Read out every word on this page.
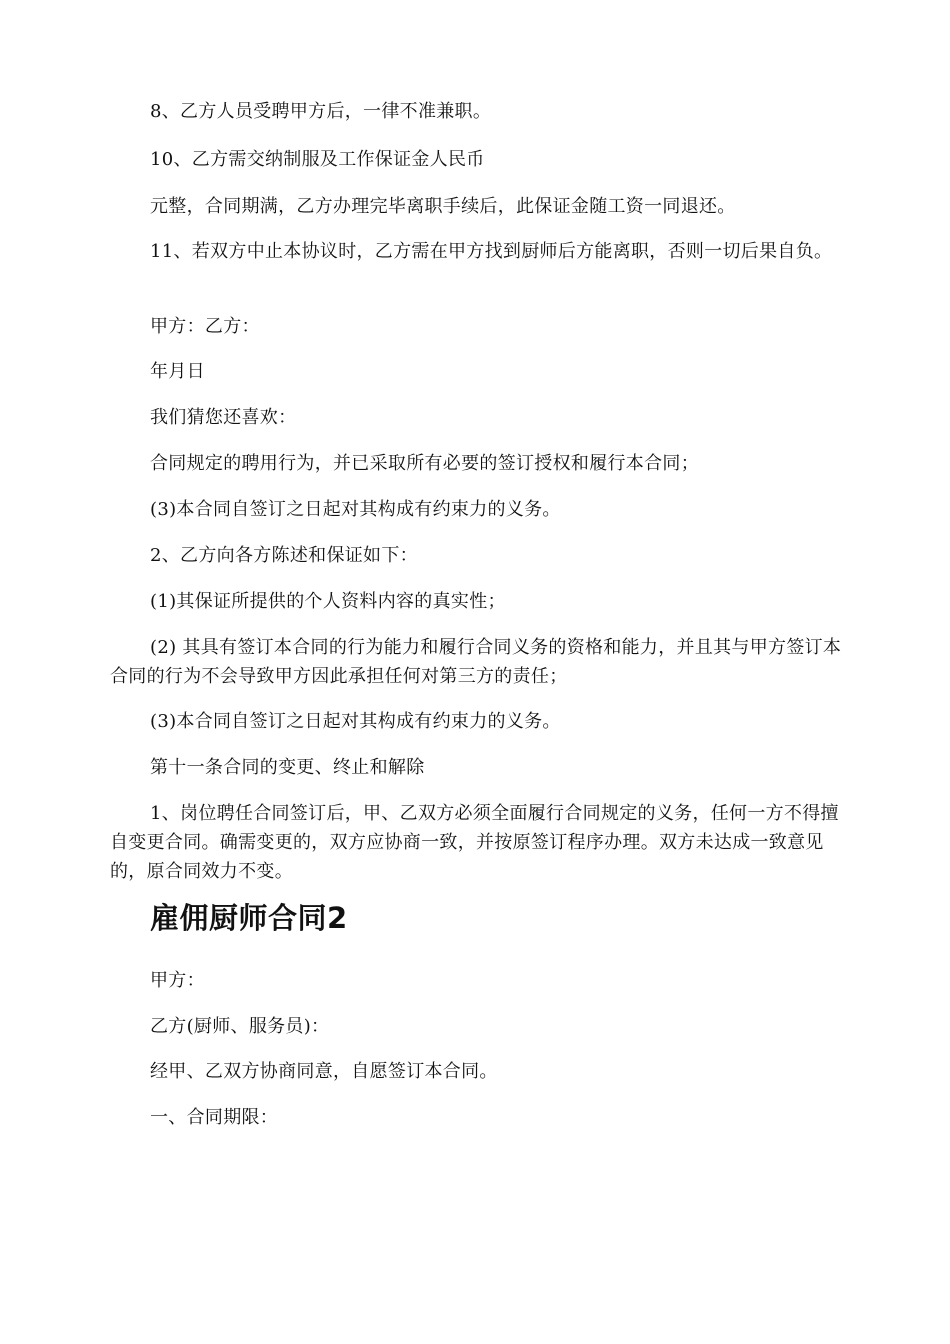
8、乙方人员受聘甲方后，一律不准兼职。

10、乙方需交纳制服及工作保证金人民币

元整，合同期满，乙方办理完毕离职手续后，此保证金随工资一同退还。

11、若双方中止本协议时，乙方需在甲方找到厨师后方能离职，否则一切后果自负。

甲方：乙方：

年月日

我们猜您还喜欢：

合同规定的聘用行为，并已采取所有必要的签订授权和履行本合同；

(3)本合同自签订之日起对其构成有约束力的义务。

2、乙方向各方陈述和保证如下：

(1)其保证所提供的个人资料内容的真实性；

(2) 其具有签订本合同的行为能力和履行合同义务的资格和能力，并且其与甲方签订本合同的行为不会导致甲方因此承担任何对第三方的责任；

(3)本合同自签订之日起对其构成有约束力的义务。

第十一条合同的变更、终止和解除

1、岗位聘任合同签订后，甲、乙双方必须全面履行合同规定的义务，任何一方不得擅自变更合同。确需变更的，双方应协商一致，并按原签订程序办理。双方未达成一致意见的，原合同效力不变。

雇佣厨师合同2

甲方：

乙方(厨师、服务员)：

经甲、乙双方协商同意，自愿签订本合同。

一、合同期限：
